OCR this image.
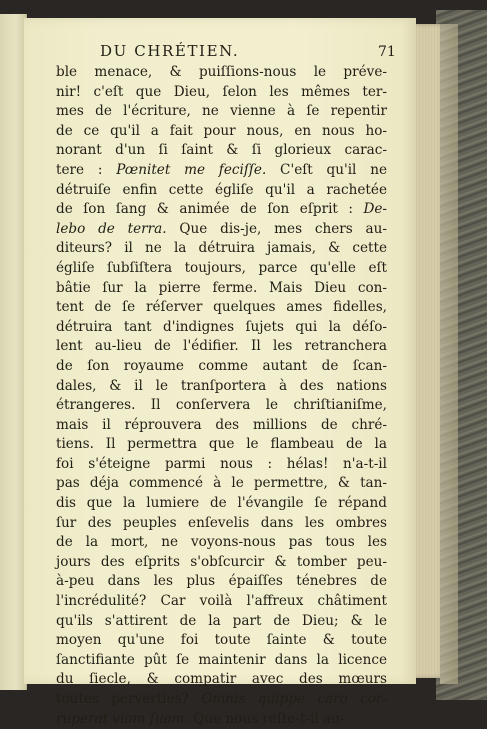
DU CHRÉTIEN.	71
ble menace, & puiſſions-nous le préve-
nir! c'eſt que Dieu, ſelon les mêmes ter-
mes de l'écriture, ne vienne à ſe repentir
de ce qu'il a fait pour nous, en nous ho-
norant d'un ſi ſaint & ſi glorieux carac-
tere : Pœnitet me feciſſe. C'eſt qu'il ne
détruiſe enfin cette égliſe qu'il a rachetée
de ſon ſang & animée de ſon eſprit : De-
lebo de terra. Que dis-je, mes chers au-
diteurs? il ne la détruira jamais, & cette
égliſe ſubſiſtera toujours, parce qu'elle eſt
bâtie ſur la pierre ferme. Mais Dieu con-
tent de ſe réſerver quelques ames fidelles,
détruira tant d'indignes ſujets qui la déſo-
lent au-lieu de l'édifier. Il les retranchera
de ſon royaume comme autant de ſcan-
dales, & il le tranſportera à des nations
étrangeres. Il conſervera le chriſtianiſme,
mais il réprouvera des millions de chré-
tiens. Il permettra que le flambeau de la
foi s'éteigne parmi nous : hélas! n'a-t-il
pas déja commencé à le permettre, & tan-
dis que la lumiere de l'évangile ſe répand
ſur des peuples enſevelis dans les ombres
de la mort, ne voyons-nous pas tous les
jours des eſprits s'obſcurcir & tomber peu-
à-peu dans les plus épaiſſes ténebres de
l'incrédulité? Car voilà l'affreux châtiment
qu'ils s'attirent de la part de Dieu; & le
moyen qu'une foi toute ſainte & toute
ſanctifiante pût ſe maintenir dans la licence
du ſiecle, & compatir avec des mœurs
toutes perverties? Omnis quippe caro cor-
ruperat viam ſuam. Que nous reſte-t-il au-
